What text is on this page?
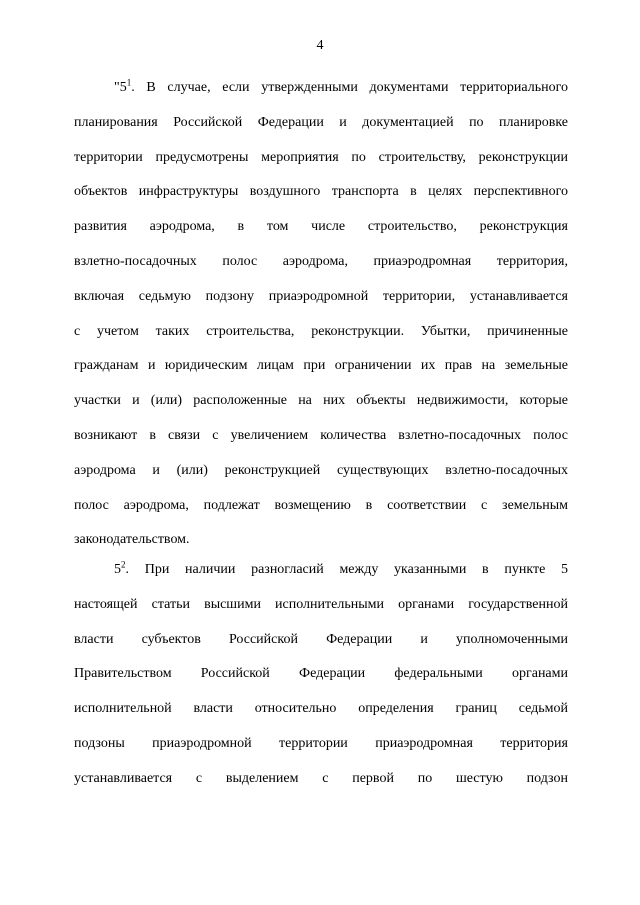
4
"$5^1$. В случае, если утвержденными документами территориального
планирования Российской Федерации и документацией по планировке
территории предусмотрены мероприятия по строительству, реконструкции
объектов инфраструктуры воздушного транспорта в целях перспективного
развития аэродрома, в том числе строительство, реконструкция
взлетно-посадочных полос аэродрома, приаэродромная территория,
включая седьмую подзону приаэродромной территории, устанавливается
с учетом таких строительства, реконструкции. Убытки, причиненные
гражданам и юридическим лицам при ограничении их прав на земельные
участки и (или) расположенные на них объекты недвижимости, которые
возникают в связи с увеличением количества взлетно-посадочных полос
аэродрома и (или) реконструкцией существующих взлетно-посадочных
полос аэродрома, подлежат возмещению в соответствии с земельным
законодательством.
$5^2$. При наличии разногласий между указанными в пункте 5
настоящей статьи высшими исполнительными органами государственной
власти субъектов Российской Федерации и уполномоченными
Правительством Российской Федерации федеральными органами
исполнительной власти относительно определения границ седьмой
подзоны приаэродромной территории приаэродромная территория
устанавливается с выделением с первой по шестую подзон
